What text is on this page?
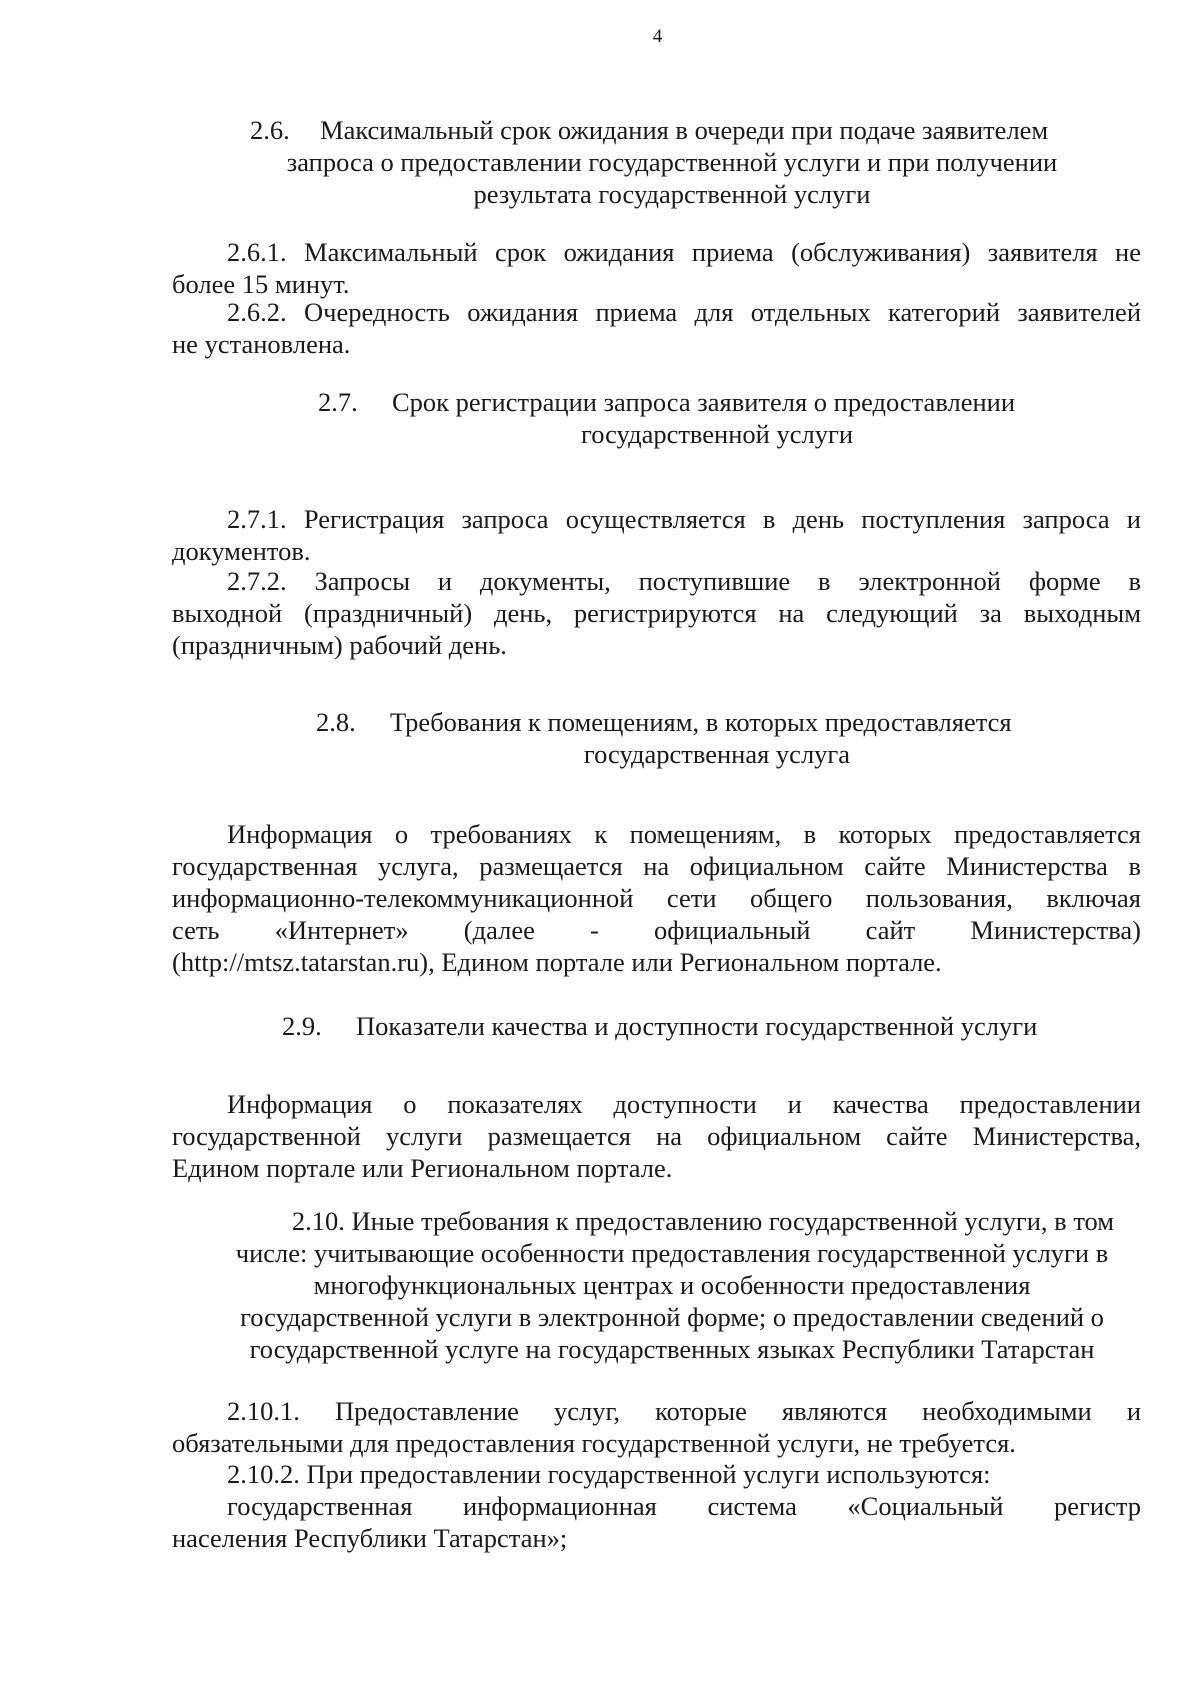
4
2.6. Максимальный срок ожидания в очереди при подаче заявителем
запроса о предоставлении государственной услуги и при получении
результата государственной услуги
2.6.1. Максимальный срок ожидания приема (обслуживания) заявителя не
более 15 минут.
2.6.2. Очередность ожидания приема для отдельных категорий заявителей
не установлена.
2.7. Срок регистрации запроса заявителя о предоставлении
государственной услуги
2.7.1. Регистрация запроса осуществляется в день поступления запроса и
документов.
2.7.2. Запросы и документы, поступившие в электронной форме в
выходной (праздничный) день, регистрируются на следующий за выходным
(праздничным) рабочий день.
2.8. Требования к помещениям, в которых предоставляется
государственная услуга
Информация о требованиях к помещениям, в которых предоставляется
государственная услуга, размещается на официальном сайте Министерства в
информационно-телекоммуникационной сети общего пользования, включая
сеть «Интернет» (далее - официальный сайт Министерства)
(http://mtsz.tatarstan.ru), Едином портале или Региональном портале.
2.9. Показатели качества и доступности государственной услуги
Информация о показателях доступности и качества предоставлении
государственной услуги размещается на официальном сайте Министерства,
Едином портале или Региональном портале.
2.10. Иные требования к предоставлению государственной услуги, в том
числе: учитывающие особенности предоставления государственной услуги в
многофункциональных центрах и особенности предоставления
государственной услуги в электронной форме; о предоставлении сведений о
государственной услуге на государственных языках Республики Татарстан
2.10.1. Предоставление услуг, которые являются необходимыми и
обязательными для предоставления государственной услуги, не требуется.
2.10.2. При предоставлении государственной услуги используются:
государственная информационная система «Социальный регистр
населения Республики Татарстан»;
